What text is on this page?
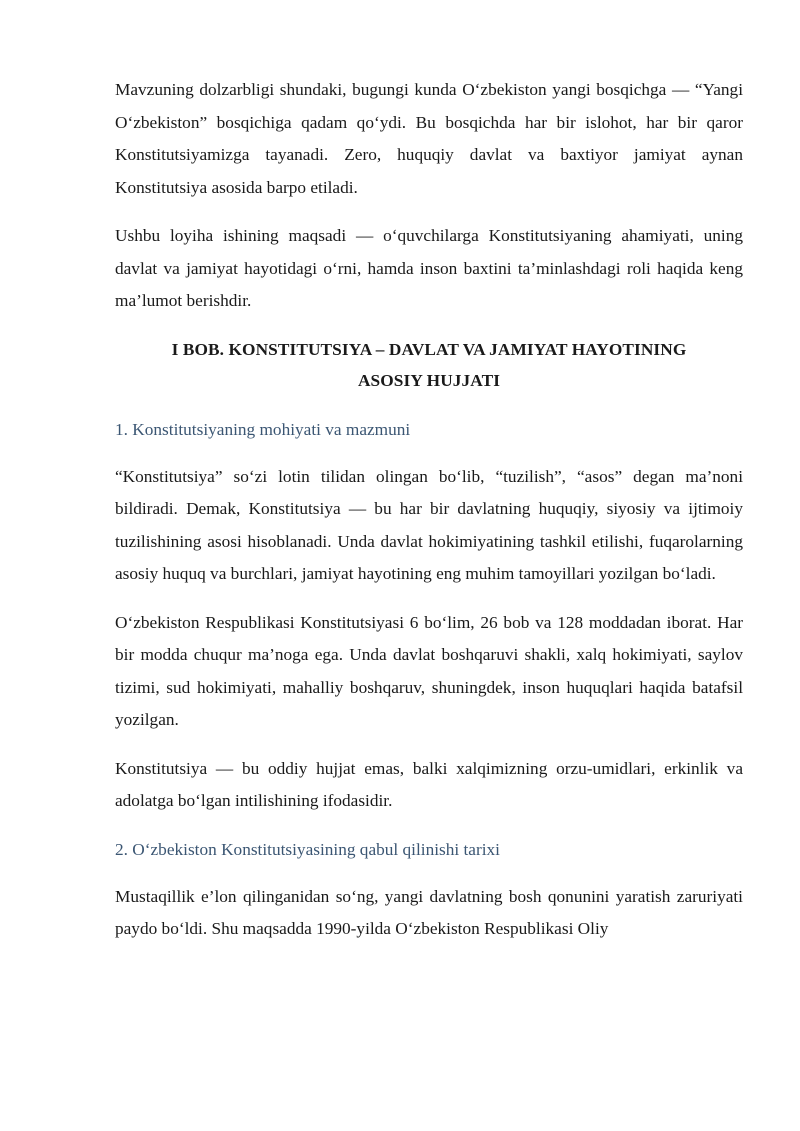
Mavzuning dolzarbligi shundaki, bugungi kunda O‘zbekiston yangi bosqichga — “Yangi O‘zbekiston” bosqichiga qadam qo‘ydi. Bu bosqichda har bir islohot, har bir qaror Konstitutsiyamizga tayanadi. Zero, huquqiy davlat va baxtiyor jamiyat aynan Konstitutsiya asosida barpo etiladi.

Ushbu loyiha ishining maqsadi — o‘quvchilarga Konstitutsiyaning ahamiyati, uning davlat va jamiyat hayotidagi o‘rni, hamda inson baxtini ta’minlashdagi roli haqida keng ma’lumot berishdir.

I BOB. KONSTITUTSIYA – DAVLAT VA JAMIYAT HAYOTINING
ASOSIY HUJJATI
1. Konstitutsiyaning mohiyati va mazmuni

“Konstitutsiya” so‘zi lotin tilidan olingan bo‘lib, “tuzilish”, “asos” degan ma’noni bildiradi. Demak, Konstitutsiya — bu har bir davlatning huquqiy, siyosiy va ijtimoiy tuzilishining asosi hisoblanadi. Unda davlat hokimiyatining tashkil etilishi, fuqarolarning asosiy huquq va burchlari, jamiyat hayotining eng muhim tamoyillari yozilgan bo‘ladi.

O‘zbekiston Respublikasi Konstitutsiyasi 6 bo‘lim, 26 bob va 128 moddadan iborat. Har bir modda chuqur ma’noga ega. Unda davlat boshqaruvi shakli, xalq hokimiyati, saylov tizimi, sud hokimiyati, mahalliy boshqaruv, shuningdek, inson huquqlari haqida batafsil yozilgan.

Konstitutsiya — bu oddiy hujjat emas, balki xalqimizning orzu-umidlari, erkinlik va adolatga bo‘lgan intilishining ifodasidir.

2. O‘zbekiston Konstitutsiyasining qabul qilinishi tarixi

Mustaqillik e’lon qilinganidan so‘ng, yangi davlatning bosh qonunini yaratish zaruriyati paydo bo‘ldi. Shu maqsadda 1990-yilda O‘zbekiston Respublikasi Oliy
